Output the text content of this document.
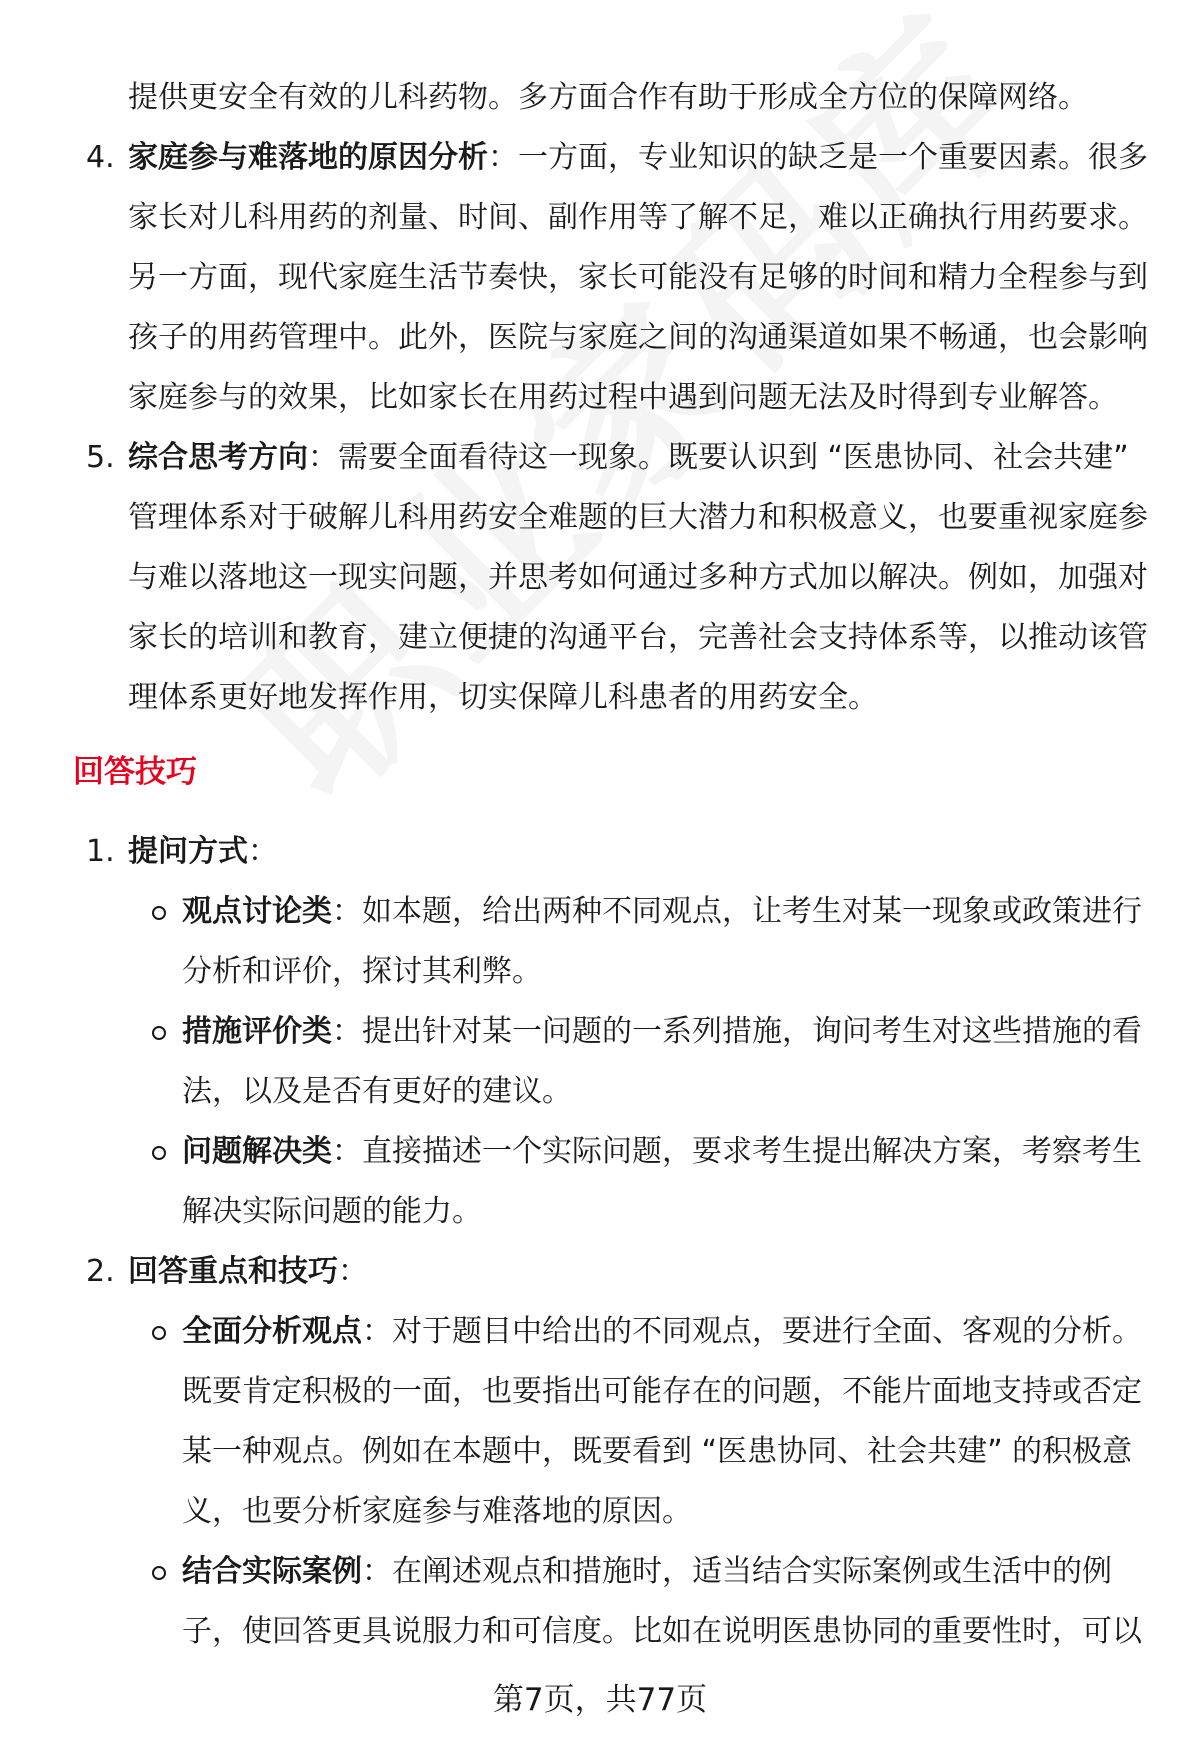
提供更安全有效的儿科药物。多方面合作有助于形成全方位的保障网络。
4. 家庭参与难落地的原因分析：一方面，专业知识的缺乏是一个重要因素。很多
家长对儿科用药的剂量、时间、副作用等了解不足，难以正确执行用药要求。
另一方面，现代家庭生活节奏快，家长可能没有足够的时间和精力全程参与到
孩子的用药管理中。此外，医院与家庭之间的沟通渠道如果不畅通，也会影响
家庭参与的效果，比如家长在用药过程中遇到问题无法及时得到专业解答。
5. 综合思考方向：需要全面看待这一现象。既要认识到 “医患协同、社会共建”
管理体系对于破解儿科用药安全难题的巨大潜力和积极意义，也要重视家庭参
与难以落地这一现实问题，并思考如何通过多种方式加以解决。例如，加强对
家长的培训和教育，建立便捷的沟通平台，完善社会支持体系等，以推动该管
理体系更好地发挥作用，切实保障儿科患者的用药安全。
回答技巧
1. 提问方式：
观点讨论类：如本题，给出两种不同观点，让考生对某一现象或政策进行
分析和评价，探讨其利弊。
措施评价类：提出针对某一问题的一系列措施，询问考生对这些措施的看
法，以及是否有更好的建议。
问题解决类：直接描述一个实际问题，要求考生提出解决方案，考察考生
解决实际问题的能力。
2. 回答重点和技巧：
全面分析观点：对于题目中给出的不同观点，要进行全面、客观的分析。
既要肯定积极的一面，也要指出可能存在的问题，不能片面地支持或否定
某一种观点。例如在本题中，既要看到 “医患协同、社会共建” 的积极意
义，也要分析家庭参与难落地的原因。
结合实际案例：在阐述观点和措施时，适当结合实际案例或生活中的例
子，使回答更具说服力和可信度。比如在说明医患协同的重要性时，可以
第7页，共77页
